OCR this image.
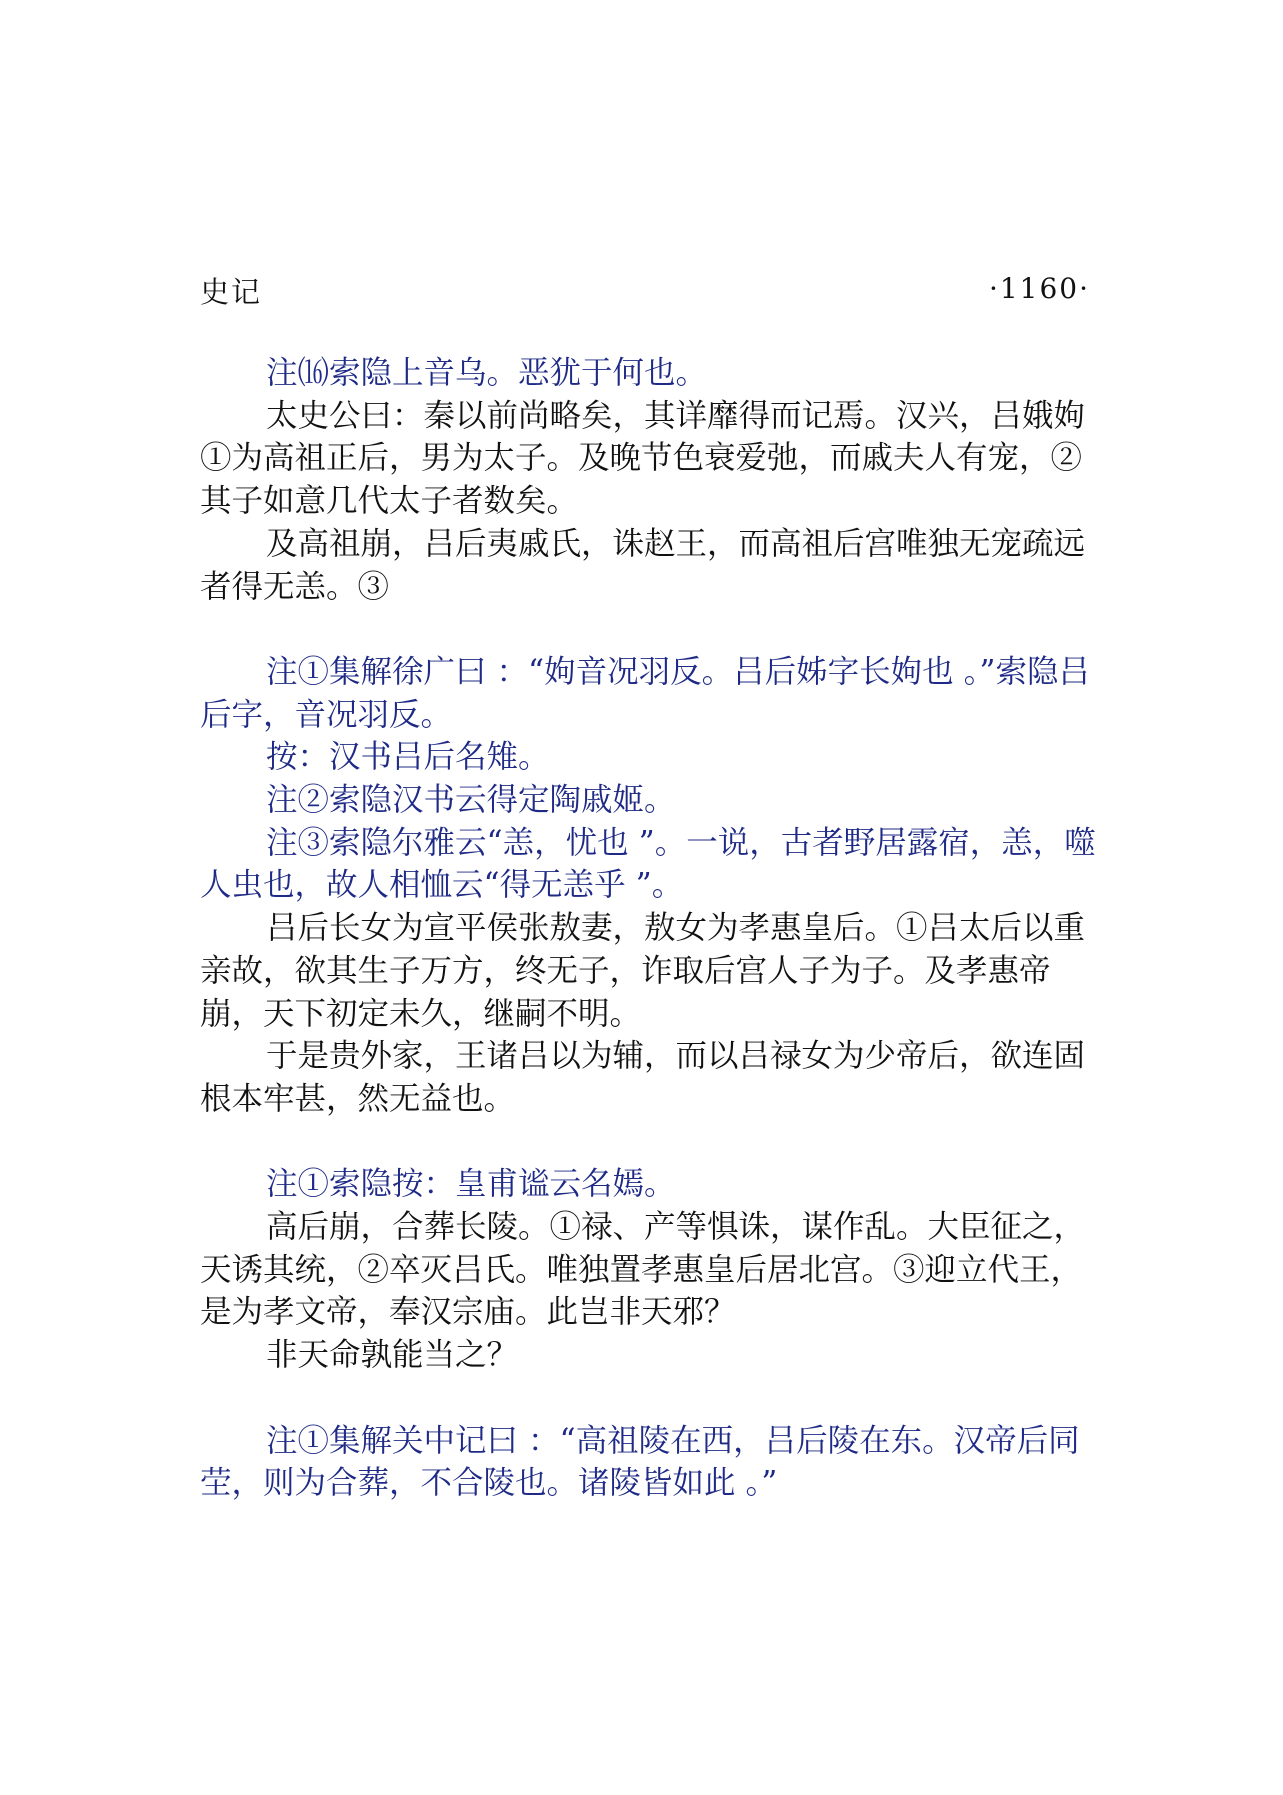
史记	·1160·

注⒃索隐上音乌。恶犹于何也。

太史公曰：秦以前尚略矣，其详靡得而记焉。汉兴，吕娥姁①为高祖正后，男为太子。及晚节色衰爱弛，而戚夫人有宠，②其子如意几代太子者数矣。

及高祖崩，吕后夷戚氏，诛赵王，而高祖后宫唯独无宠疏远者得无恙。③

注①集解徐广曰 ：“姁音况羽反。吕后姊字长姁也 。”索隐吕后字，音况羽反。

按：汉书吕后名雉。

注②索隐汉书云得定陶戚姬。

注③索隐尔雅云“恙，忧也 ”。一说，古者野居露宿，恙，噬人虫也，故人相恤云“得无恙乎 ”。

吕后长女为宣平侯张敖妻，敖女为孝惠皇后。①吕太后以重亲故，欲其生子万方，终无子，诈取后宫人子为子。及孝惠帝崩，天下初定未久，继嗣不明。

于是贵外家，王诸吕以为辅，而以吕禄女为少帝后，欲连固根本牢甚，然无益也。

注①索隐按：皇甫谧云名嫣。

高后崩，合葬长陵。①禄、产等惧诛，谋作乱。大臣征之，天诱其统，②卒灭吕氏。唯独置孝惠皇后居北宫。③迎立代王，是为孝文帝，奉汉宗庙。此岂非天邪？

非天命孰能当之？

注①集解关中记曰 ：“高祖陵在西，吕后陵在东。汉帝后同茔，则为合葬，不合陵也。诸陵皆如此 。”
